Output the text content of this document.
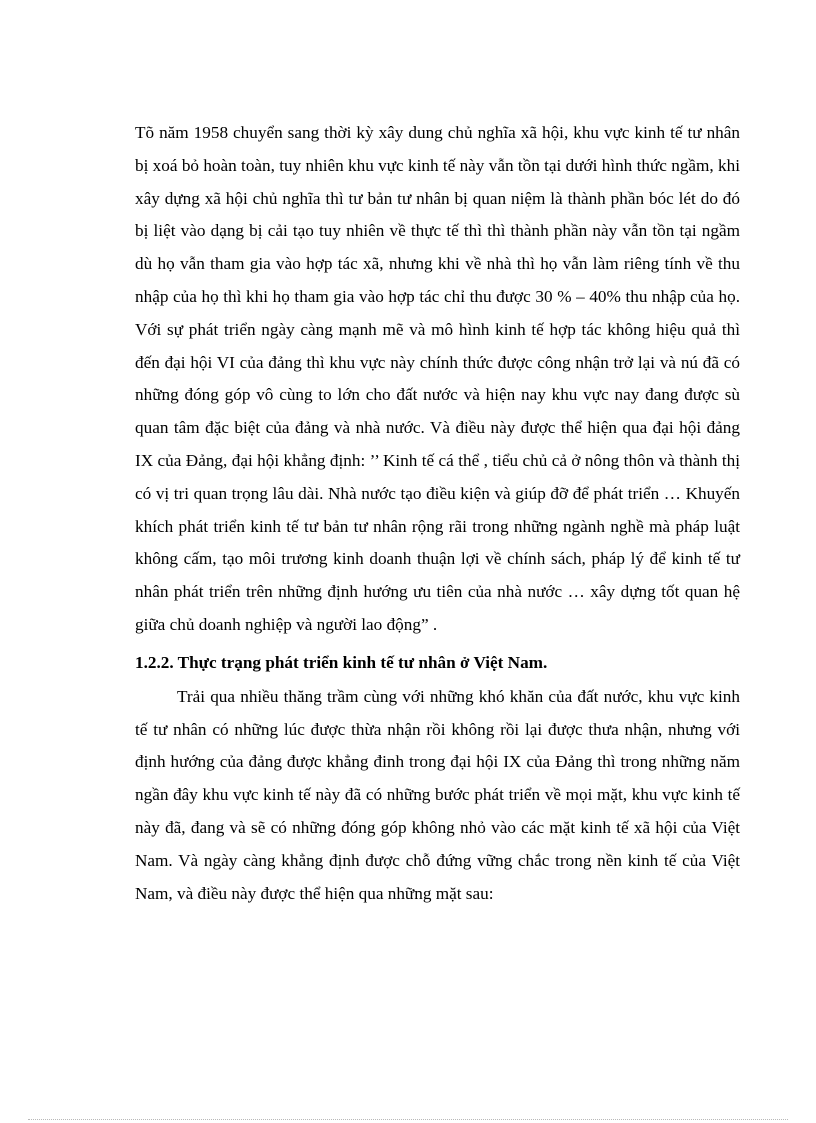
Tõ năm 1958 chuyển sang thời kỳ xây dung chủ nghĩa xã hội, khu vực kinh tế tư nhân bị xoá bỏ hoàn toàn, tuy nhiên khu vực kinh tế này vẫn tồn tại dưới hình thức ngầm, khi xây dựng xã hội chủ nghĩa thì tư bản tư nhân bị quan niệm là thành phần bóc lét do đó bị liệt vào dạng bị cải tạo tuy nhiên về thực tế thì thì thành phần này vẫn tồn tại ngầm dù họ vẫn tham gia vào hợp tác xã, nhưng khi về nhà thì họ vẫn làm riêng tính về thu nhập của họ thì khi họ tham gia vào hợp tác chỉ thu được 30 % – 40% thu nhập của họ. Với sự phát triển ngày càng mạnh mẽ và mô hình kinh tế hợp tác không hiệu quả thì đến đại hội VI của đảng thì khu vực này chính thức được công nhận trở lại và nú đã có những đóng góp vô cùng to lớn cho đất nước và hiện nay khu vực nay đang được sù quan tâm đặc biệt của đảng và nhà nước. Và điều này được thể hiện qua đại hội đảng IX của Đảng, đại hội khẳng định: ’’ Kinh tế cá thể , tiểu chủ cả ở nông thôn và thành thị có vị tri quan trọng lâu dài. Nhà nước tạo điều kiện và giúp đỡ để phát triển … Khuyến khích phát triển kinh tế tư bản tư nhân rộng rãi trong những ngành nghề mà pháp luật không cấm, tạo môi trương kinh doanh thuận lợi về chính sách, pháp lý để kinh tế tư nhân phát triển trên những định hướng ưu tiên của nhà nước … xây dựng tốt quan hệ giữa chủ doanh nghiệp và người lao động” .

1.2.2. Thực trạng phát triển kinh tế tư nhân ở Việt Nam.

Trải qua nhiều thăng trầm cùng với những khó khăn của đất nước, khu vực kinh tế tư nhân có những lúc được thừa nhận rồi không rồi lại được thưa nhận, nhưng với định hướng của đảng được khẳng đinh trong đại hội IX của Đảng thì trong những năm ngần đây khu vực kinh tế này đã có những bước phát triển về mọi mặt, khu vực kinh tế này đã, đang và sẽ có những đóng góp không nhỏ vào các mặt kinh tế xã hội của Việt Nam. Và ngày càng khẳng định được chỗ đứng vững chắc trong nền kinh tế của Việt Nam, và điều này được thể hiện qua những mặt sau:
